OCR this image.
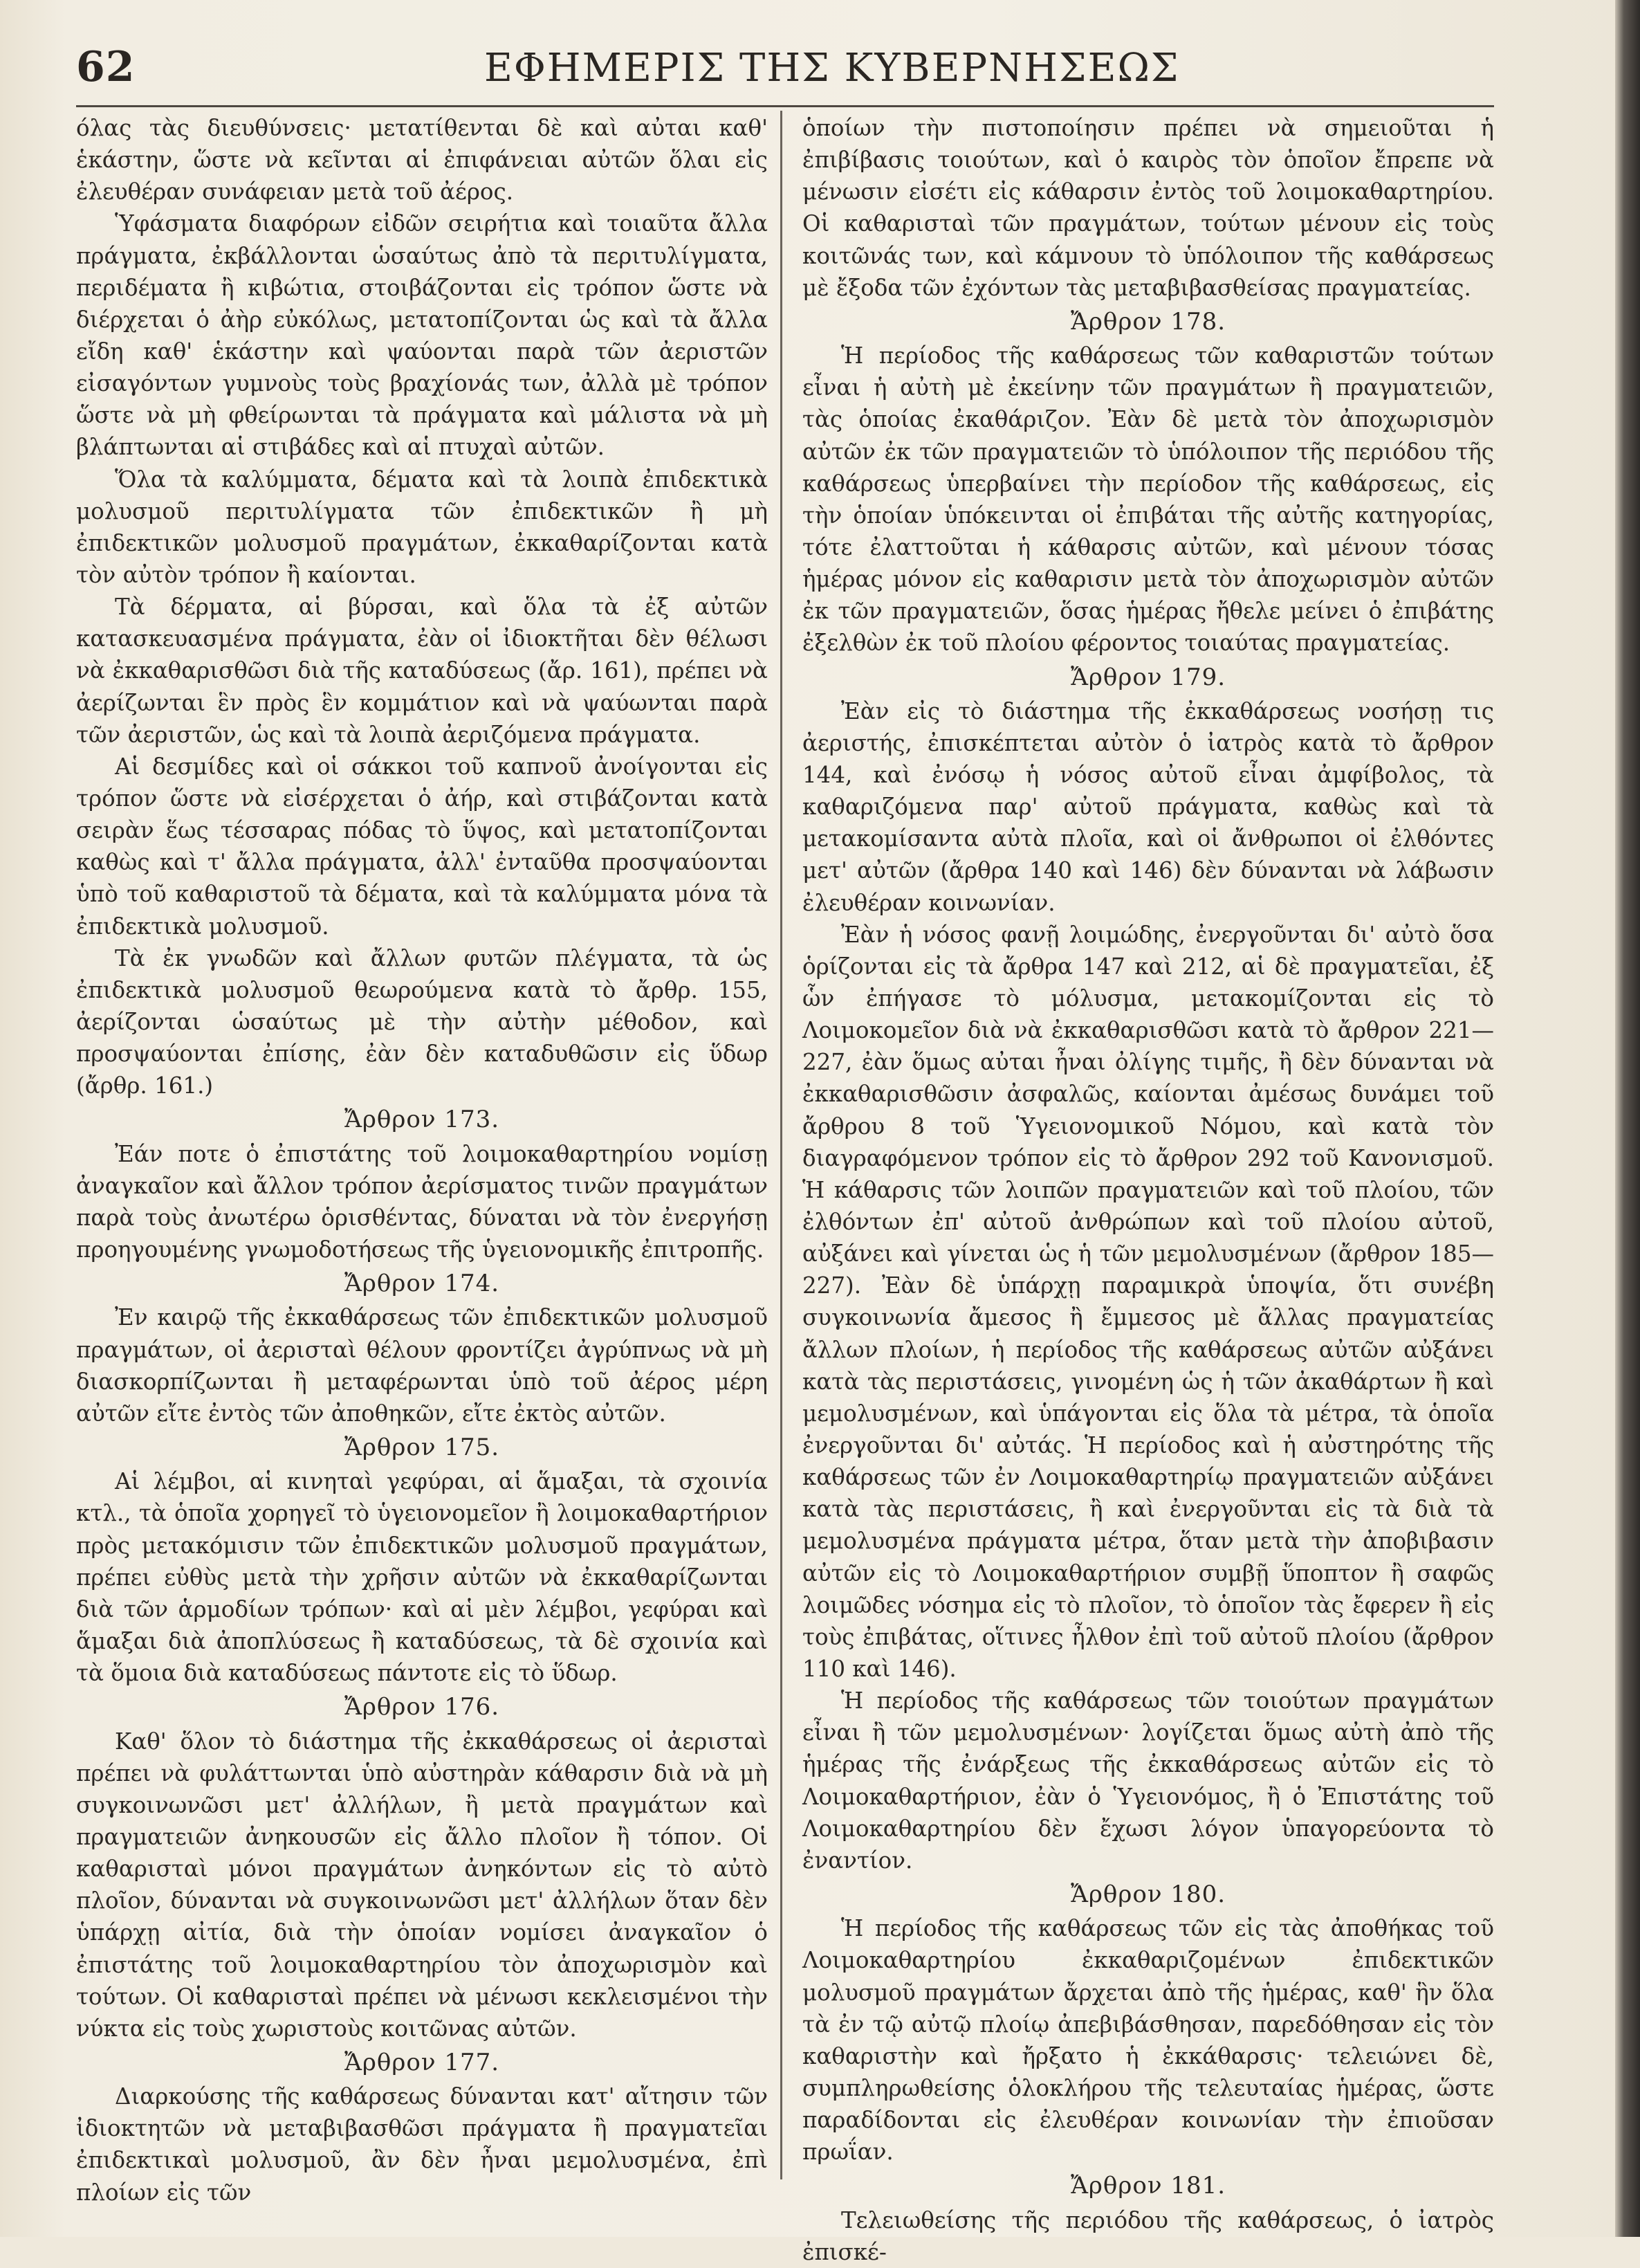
62	ΕΦΗΜΕΡΙΣ ΤΗΣ ΚΥΒΕΡΝΗΣΕΩΣ

όλας τὰς διευθύνσεις· μετατίθενται δὲ καὶ αὐται καθ' ἑκάστην, ὥστε νὰ κεῖνται αἱ ἐπιφάνειαι αὐτῶν ὅλαι εἰς ἐλευθέραν συνάφειαν μετὰ τοῦ ἀέρος.

Ὑφάσματα διαφόρων εἰδῶν σειρήτια καὶ τοιαῦτα ἄλλα πράγματα, ἐκβάλλονται ὡσαύτως ἀπὸ τὰ περιτυλίγματα, περιδέματα ἢ κιβώτια, στοιβάζονται εἰς τρόπον ὥστε νὰ διέρχεται ὁ ἀὴρ εὐκόλως, μετατοπίζονται ὡς καὶ τὰ ἄλλα εἴδη καθ' ἑκάστην καὶ ψαύονται παρὰ τῶν ἀεριστῶν εἰσαγόντων γυμνοὺς τοὺς βραχίονάς των, ἀλλὰ μὲ τρόπον ὥστε νὰ μὴ φθείρωνται τὰ πράγματα καὶ μάλιστα νὰ μὴ βλάπτωνται αἱ στιβάδες καὶ αἱ πτυχαὶ αὐτῶν.

Ὅλα τὰ καλύμματα, δέματα καὶ τὰ λοιπὰ ἐπιδεκτικὰ μολυσμοῦ περιτυλίγματα τῶν ἐπιδεκτικῶν ἢ μὴ ἐπιδεκτικῶν μολυσμοῦ πραγμάτων, ἐκκαθαρίζονται κατὰ τὸν αὐτὸν τρόπον ἢ καίονται.

Τὰ δέρματα, αἱ βύρσαι, καὶ ὅλα τὰ ἐξ αὐτῶν κατασκευασμένα πράγματα, ἐὰν οἱ ἰδιοκτῆται δὲν θέλωσι νὰ ἐκκαθαρισθῶσι διὰ τῆς καταδύσεως (ἄρ. 161), πρέπει νὰ ἀερίζωνται ἓν πρὸς ἓν κομμάτιον καὶ νὰ ψαύωνται παρὰ τῶν ἀεριστῶν, ὡς καὶ τὰ λοιπὰ ἀεριζόμενα πράγματα.

Αἱ δεσμίδες καὶ οἱ σάκκοι τοῦ καπνοῦ ἀνοίγονται εἰς τρόπον ὥστε νὰ εἰσέρχεται ὁ ἀήρ, καὶ στιβάζονται κατὰ σειρὰν ἕως τέσσαρας πόδας τὸ ὕψος, καὶ μετατοπίζονται καθὼς καὶ τ' ἄλλα πράγματα, ἀλλ' ἐνταῦθα προσψαύονται ὑπὸ τοῦ καθαριστοῦ τὰ δέματα, καὶ τὰ καλύμματα μόνα τὰ ἐπιδεκτικὰ μολυσμοῦ.

Τὰ ἐκ γνωδῶν καὶ ἄλλων φυτῶν πλέγματα, τὰ ὡς ἐπιδεκτικὰ μολυσμοῦ θεωρούμενα κατὰ τὸ ἄρθρ. 155, ἀερίζονται ὡσαύτως μὲ τὴν αὐτὴν μέθοδον, καὶ προσψαύονται ἐπίσης, ἐὰν δὲν καταδυθῶσιν εἰς ὕδωρ (ἄρθρ. 161.)

Ἄρθρον 173.

Ἐάν ποτε ὁ ἐπιστάτης τοῦ λοιμοκαθαρτηρίου νομίσῃ ἀναγκαῖον καὶ ἄλλον τρόπον ἀερίσματος τινῶν πραγμάτων παρὰ τοὺς ἀνωτέρω ὁρισθέντας, δύναται νὰ τὸν ἐνεργήσῃ προηγουμένης γνωμοδοτήσεως τῆς ὑγειονομικῆς ἐπιτροπῆς.

Ἄρθρον 174.

Ἐν καιρῷ τῆς ἐκκαθάρσεως τῶν ἐπιδεκτικῶν μολυσμοῦ πραγμάτων, οἱ ἀερισταὶ θέλουν φροντίζει ἀγρύπνως νὰ μὴ διασκορπίζωνται ἢ μεταφέρωνται ὑπὸ τοῦ ἀέρος μέρη αὐτῶν εἴτε ἐντὸς τῶν ἀποθηκῶν, εἴτε ἐκτὸς αὐτῶν.

Ἄρθρον 175.

Αἱ λέμβοι, αἱ κινηταὶ γεφύραι, αἱ ἅμαξαι, τὰ σχοινία κτλ., τὰ ὁποῖα χορηγεῖ τὸ ὑγειονομεῖον ἢ λοιμοκαθαρτήριον πρὸς μετακόμισιν τῶν ἐπιδεκτικῶν μολυσμοῦ πραγμάτων, πρέπει εὐθὺς μετὰ τὴν χρῆσιν αὐτῶν νὰ ἐκκαθαρίζωνται διὰ τῶν ἁρμοδίων τρόπων· καὶ αἱ μὲν λέμβοι, γεφύραι καὶ ἅμαξαι διὰ ἀποπλύσεως ἢ καταδύσεως, τὰ δὲ σχοινία καὶ τὰ ὅμοια διὰ καταδύσεως πάντοτε εἰς τὸ ὕδωρ.

Ἄρθρον 176.

Καθ' ὅλον τὸ διάστημα τῆς ἐκκαθάρσεως οἱ ἀερισταὶ πρέπει νὰ φυλάττωνται ὑπὸ αὐστηρὰν κάθαρσιν διὰ νὰ μὴ συγκοινωνῶσι μετ' ἀλλήλων, ἢ μετὰ πραγμάτων καὶ πραγματειῶν ἀνηκουσῶν εἰς ἄλλο πλοῖον ἢ τόπον. Οἱ καθαρισταὶ μόνοι πραγμάτων ἀνηκόντων εἰς τὸ αὐτὸ πλοῖον, δύνανται νὰ συγκοινωνῶσι μετ' ἀλλήλων ὅταν δὲν ὑπάρχῃ αἰτία, διὰ τὴν ὁποίαν νομίσει ἀναγκαῖον ὁ ἐπιστάτης τοῦ λοιμοκαθαρτηρίου τὸν ἀποχωρισμὸν καὶ τούτων. Οἱ καθαρισταὶ πρέπει νὰ μένωσι κεκλεισμένοι τὴν νύκτα εἰς τοὺς χωριστοὺς κοιτῶνας αὐτῶν.

Ἄρθρον 177.

Διαρκούσης τῆς καθάρσεως δύνανται κατ' αἴτησιν τῶν ἰδιοκτητῶν νὰ μεταβιβασθῶσι πράγματα ἢ πραγματεῖαι ἐπιδεκτικαὶ μολυσμοῦ, ἂν δὲν ἦναι μεμολυσμένα, ἐπὶ πλοίων εἰς τῶν

ὁποίων τὴν πιστοποίησιν πρέπει νὰ σημειοῦται ἡ ἐπιβίβασις τοιούτων, καὶ ὁ καιρὸς τὸν ὁποῖον ἔπρεπε νὰ μένωσιν εἰσέτι εἰς κάθαρσιν ἐντὸς τοῦ λοιμοκαθαρτηρίου. Οἱ καθαρισταὶ τῶν πραγμάτων, τούτων μένουν εἰς τοὺς κοιτῶνάς των, καὶ κάμνουν τὸ ὑπόλοιπον τῆς καθάρσεως μὲ ἔξοδα τῶν ἐχόντων τὰς μεταβιβασθείσας πραγματείας.

Ἄρθρον 178.

Ἡ περίοδος τῆς καθάρσεως τῶν καθαριστῶν τούτων εἶναι ἡ αὐτὴ μὲ ἐκείνην τῶν πραγμάτων ἢ πραγματειῶν, τὰς ὁποίας ἐκαθάριζον. Ἐὰν δὲ μετὰ τὸν ἀποχωρισμὸν αὐτῶν ἐκ τῶν πραγματειῶν τὸ ὑπόλοιπον τῆς περιόδου τῆς καθάρσεως ὑπερβαίνει τὴν περίοδον τῆς καθάρσεως, εἰς τὴν ὁποίαν ὑπόκεινται οἱ ἐπιβάται τῆς αὐτῆς κατηγορίας, τότε ἐλαττοῦται ἡ κάθαρσις αὐτῶν, καὶ μένουν τόσας ἡμέρας μόνον εἰς καθαρισιν μετὰ τὸν ἀποχωρισμὸν αὐτῶν ἐκ τῶν πραγματειῶν, ὅσας ἡμέρας ἤθελε μείνει ὁ ἐπιβάτης ἐξελθὼν ἐκ τοῦ πλοίου φέροντος τοιαύτας πραγματείας.

Ἄρθρον 179.

Ἐὰν εἰς τὸ διάστημα τῆς ἐκκαθάρσεως νοσήσῃ τις ἀεριστής, ἐπισκέπτεται αὐτὸν ὁ ἰατρὸς κατὰ τὸ ἄρθρον 144, καὶ ἐνόσῳ ἡ νόσος αὐτοῦ εἶναι ἀμφίβολος, τὰ καθαριζόμενα παρ' αὐτοῦ πράγματα, καθὼς καὶ τὰ μετακομίσαντα αὐτὰ πλοῖα, καὶ οἱ ἄνθρωποι οἱ ἐλθόντες μετ' αὐτῶν (ἄρθρα 140 καὶ 146) δὲν δύνανται νὰ λάβωσιν ἐλευθέραν κοινωνίαν.

Ἐὰν ἡ νόσος φανῇ λοιμώδης, ἐνεργοῦνται δι' αὐτὸ ὅσα ὁρίζονται εἰς τὰ ἄρθρα 147 καὶ 212, αἱ δὲ πραγματεῖαι, ἐξ ὧν ἐπήγασε τὸ μόλυσμα, μετακομίζονται εἰς τὸ Λοιμοκομεῖον διὰ νὰ ἐκκαθαρισθῶσι κατὰ τὸ ἄρθρον 221—227, ἐὰν ὅμως αὐται ἦναι ὀλίγης τιμῆς, ἢ δὲν δύνανται νὰ ἐκκαθαρισθῶσιν ἀσφαλῶς, καίονται ἀμέσως δυνάμει τοῦ ἄρθρου 8 τοῦ Ὑγειονομικοῦ Νόμου, καὶ κατὰ τὸν διαγραφόμενον τρόπον εἰς τὸ ἄρθρον 292 τοῦ Κανονισμοῦ. Ἡ κάθαρσις τῶν λοιπῶν πραγματειῶν καὶ τοῦ πλοίου, τῶν ἐλθόντων ἐπ' αὐτοῦ ἀνθρώπων καὶ τοῦ πλοίου αὐτοῦ, αὐξάνει καὶ γίνεται ὡς ἡ τῶν μεμολυσμένων (ἄρθρον 185—227). Ἐὰν δὲ ὑπάρχῃ παραμικρὰ ὑποψία, ὅτι συνέβη συγκοινωνία ἄμεσος ἢ ἔμμεσος μὲ ἄλλας πραγματείας ἄλλων πλοίων, ἡ περίοδος τῆς καθάρσεως αὐτῶν αὐξάνει κατὰ τὰς περιστάσεις, γινομένη ὡς ἡ τῶν ἀκαθάρτων ἢ καὶ μεμολυσμένων, καὶ ὑπάγονται εἰς ὅλα τὰ μέτρα, τὰ ὁποῖα ἐνεργοῦνται δι' αὐτάς. Ἡ περίοδος καὶ ἡ αὐστηρότης τῆς καθάρσεως τῶν ἐν Λοιμοκαθαρτηρίῳ πραγματειῶν αὐξάνει κατὰ τὰς περιστάσεις, ἢ καὶ ἐνεργοῦνται εἰς τὰ διὰ τὰ μεμολυσμένα πράγματα μέτρα, ὅταν μετὰ τὴν ἀποβιβασιν αὐτῶν εἰς τὸ Λοιμοκαθαρτήριον συμβῇ ὕποπτον ἢ σαφῶς λοιμῶδες νόσημα εἰς τὸ πλοῖον, τὸ ὁποῖον τὰς ἔφερεν ἢ εἰς τοὺς ἐπιβάτας, οἵτινες ἦλθον ἐπὶ τοῦ αὐτοῦ πλοίου (ἄρθρον 110 καὶ 146).

Ἡ περίοδος τῆς καθάρσεως τῶν τοιούτων πραγμάτων εἶναι ἢ τῶν μεμολυσμένων· λογίζεται ὅμως αὐτὴ ἀπὸ τῆς ἡμέρας τῆς ἐνάρξεως τῆς ἐκκαθάρσεως αὐτῶν εἰς τὸ Λοιμοκαθαρτήριον, ἐὰν ὁ Ὑγειονόμος, ἢ ὁ Ἐπιστάτης τοῦ Λοιμοκαθαρτηρίου δὲν ἔχωσι λόγον ὑπαγορεύοντα τὸ ἐναντίον.

Ἄρθρον 180.

Ἡ περίοδος τῆς καθάρσεως τῶν εἰς τὰς ἀποθήκας τοῦ Λοιμοκαθαρτηρίου ἐκκαθαριζομένων ἐπιδεκτικῶν μολυσμοῦ πραγμάτων ἄρχεται ἀπὸ τῆς ἡμέρας, καθ' ἣν ὅλα τὰ ἐν τῷ αὐτῷ πλοίῳ ἀπεβιβάσθησαν, παρεδόθησαν εἰς τὸν καθαριστὴν καὶ ἤρξατο ἡ ἐκκάθαρσις· τελειώνει δὲ, συμπληρωθείσης ὁλοκλήρου τῆς τελευταίας ἡμέρας, ὥστε παραδίδονται εἰς ἐλευθέραν κοινωνίαν τὴν ἐπιοῦσαν πρωΐαν.

Ἄρθρον 181.

Τελειωθείσης τῆς περιόδου τῆς καθάρσεως, ὁ ἰατρὸς ἐπισκέ-
